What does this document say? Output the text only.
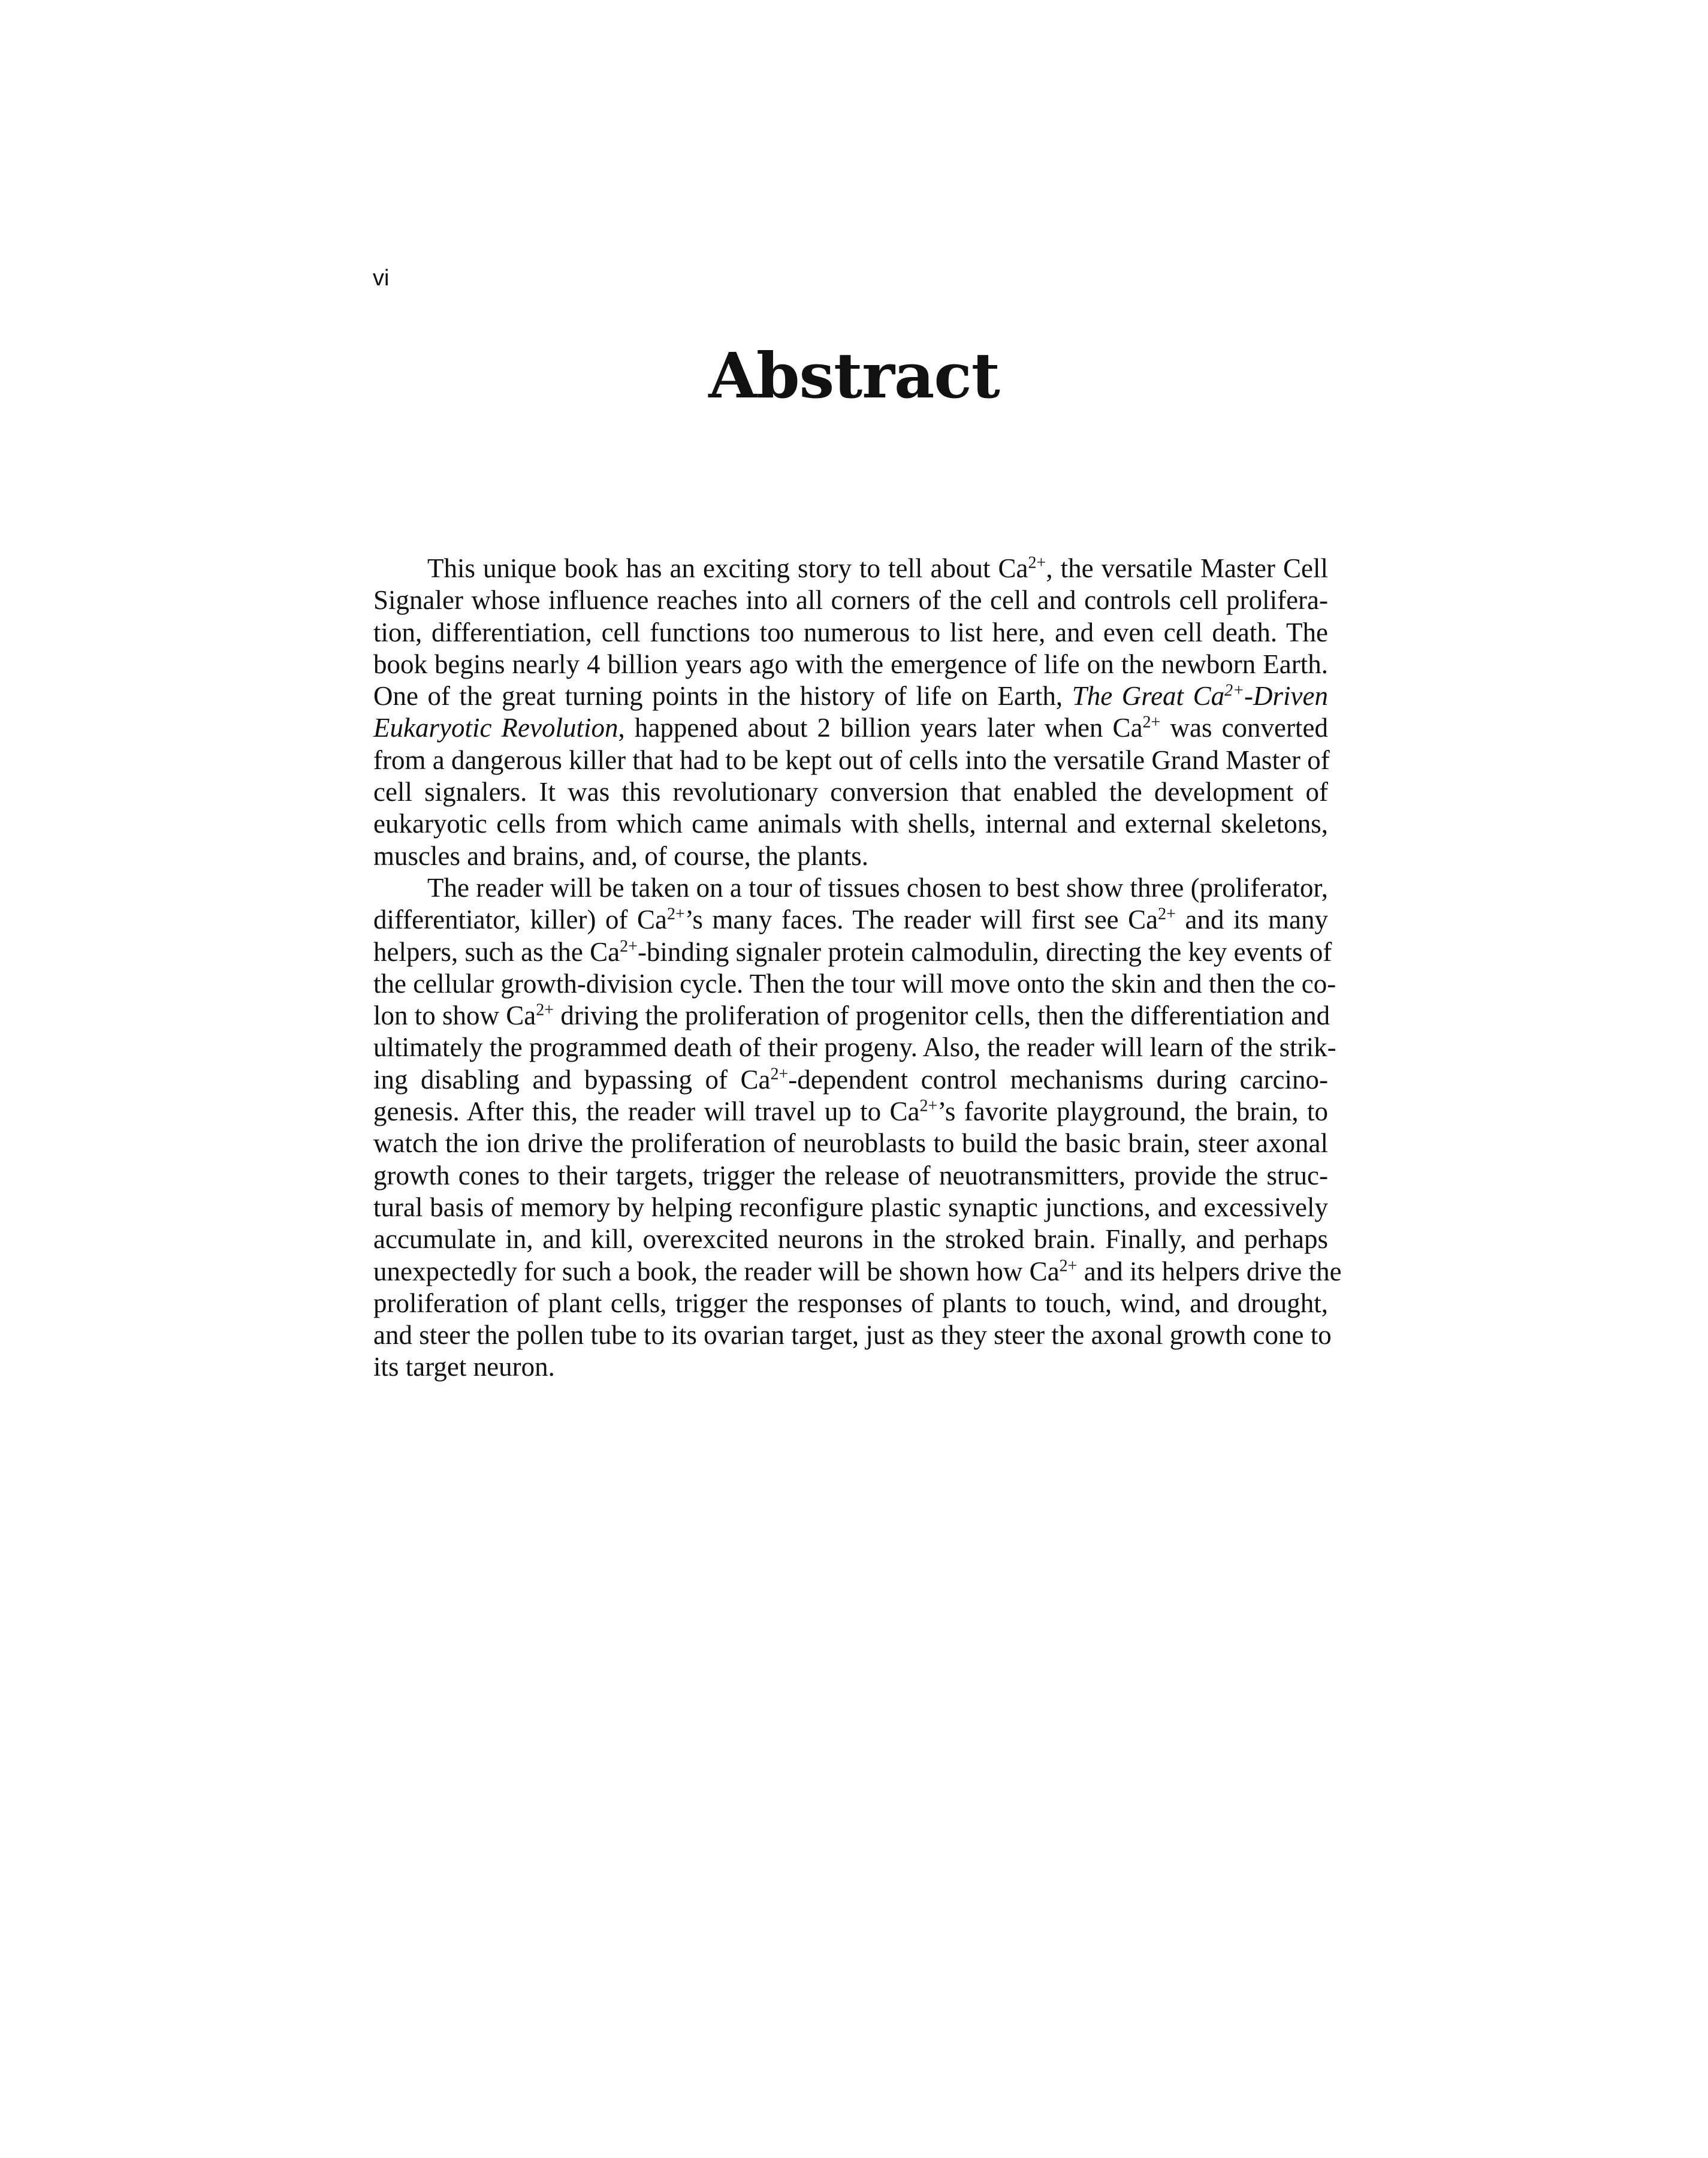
vi
Abstract
This unique book has an exciting story to tell about $Ca^{2+}$, the versatile Master Cell
Signaler whose influence reaches into all corners of the cell and controls cell prolifera-
tion, differentiation, cell functions too numerous to list here, and even cell death. The
book begins nearly 4 billion years ago with the emergence of life on the newborn Earth.
One of the great turning points in the history of life on Earth, The Great $Ca^{2+}$-Driven
Eukaryotic Revolution, happened about 2 billion years later when $Ca^{2+}$ was converted
from a dangerous killer that had to be kept out of cells into the versatile Grand Master of
cell signalers. It was this revolutionary conversion that enabled the development of
eukaryotic cells from which came animals with shells, internal and external skeletons,
muscles and brains, and, of course, the plants.
The reader will be taken on a tour of tissues chosen to best show three (proliferator,
differentiator, killer) of $Ca^{2+}’s$ many faces. The reader will first see $Ca^{2+}$ and its many
helpers, such as the $Ca^{2+}$-binding signaler protein calmodulin, directing the key events of
the cellular growth-division cycle. Then the tour will move onto the skin and then the co-
lon to show $Ca^{2+}$ driving the proliferation of progenitor cells, then the differentiation and
ultimately the programmed death of their progeny. Also, the reader will learn of the strik-
ing disabling and bypassing of $Ca^{2+}$-dependent control mechanisms during carcino-
genesis. After this, the reader will travel up to $Ca^{2+}’s$ favorite playground, the brain, to
watch the ion drive the proliferation of neuroblasts to build the basic brain, steer axonal
growth cones to their targets, trigger the release of neuotransmitters, provide the struc-
tural basis of memory by helping reconfigure plastic synaptic junctions, and excessively
accumulate in, and kill, overexcited neurons in the stroked brain. Finally, and perhaps
unexpectedly for such a book, the reader will be shown how $Ca^{2+}$ and its helpers drive the
proliferation of plant cells, trigger the responses of plants to touch, wind, and drought,
and steer the pollen tube to its ovarian target, just as they steer the axonal growth cone to
its target neuron.
